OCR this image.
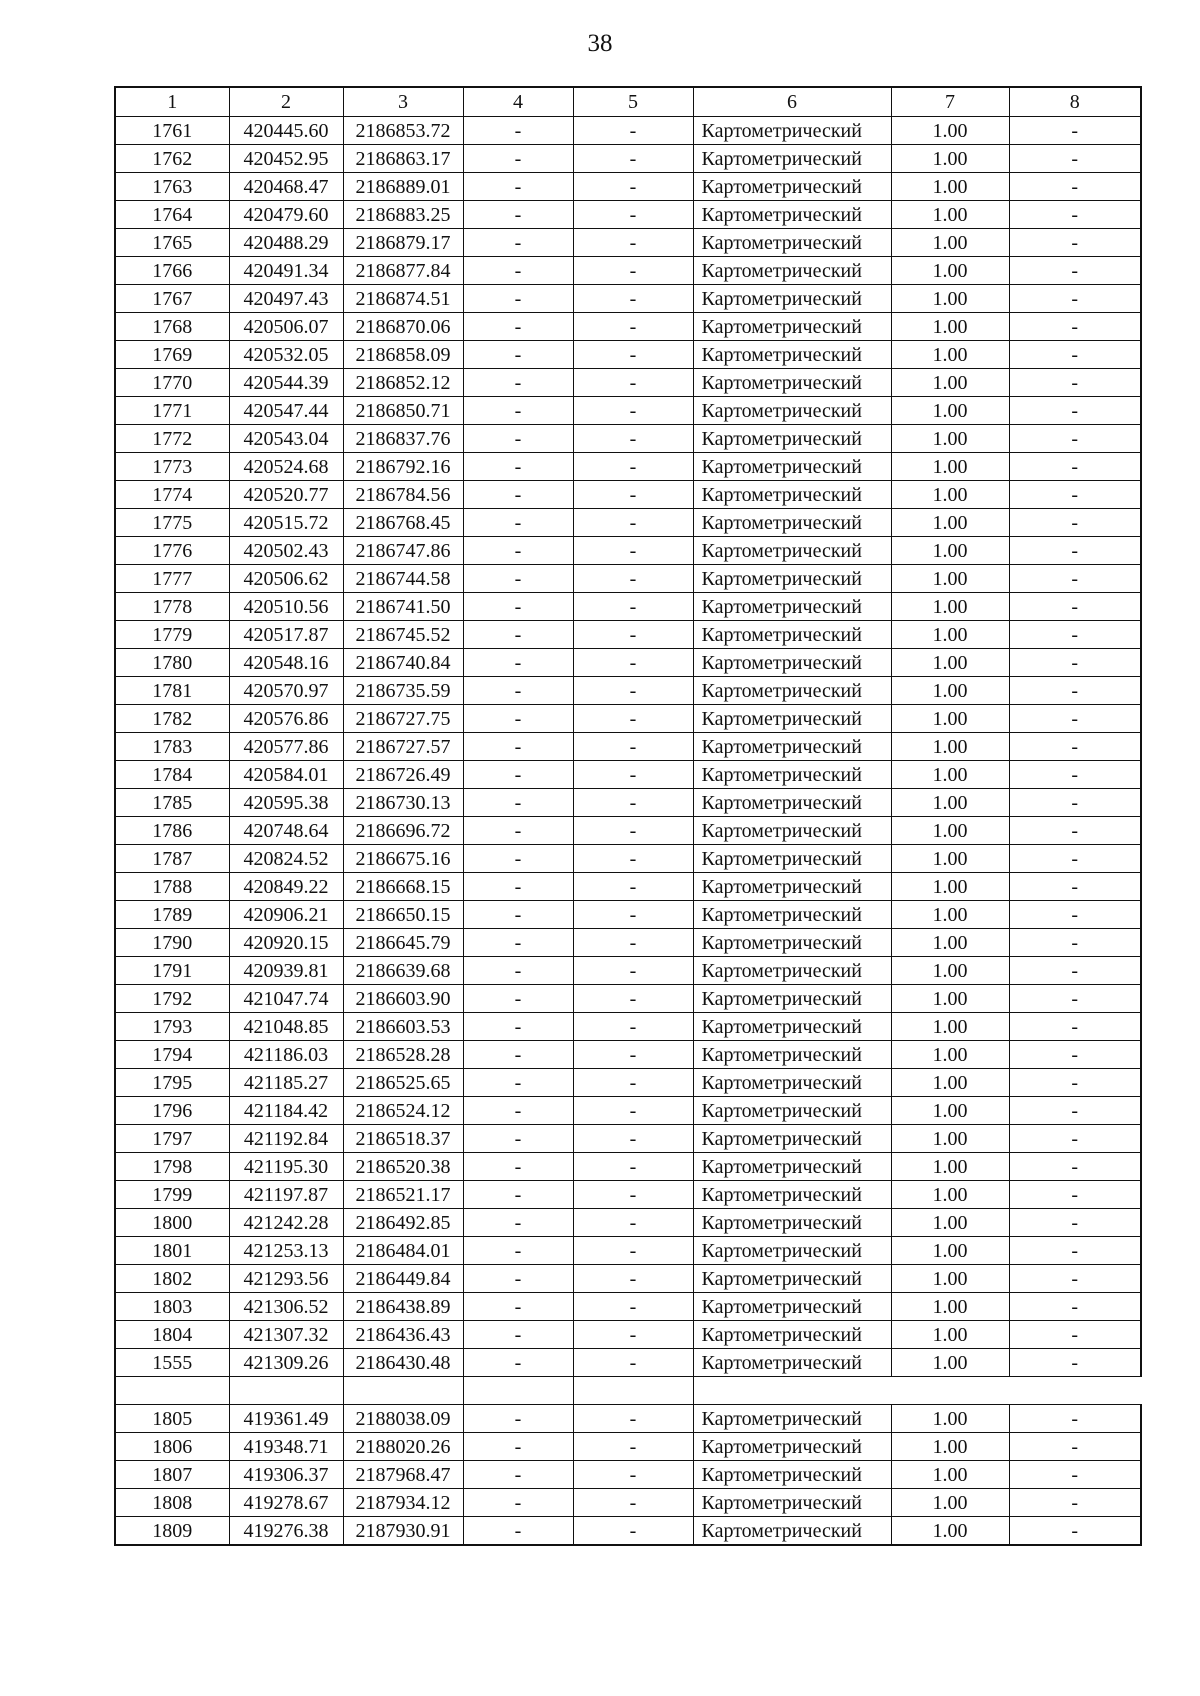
38
1	2	3	4	5	6	7	8
1761	420445.60	2186853.72	-	-	Картометрический	1.00	-
1762	420452.95	2186863.17	-	-	Картометрический	1.00	-
1763	420468.47	2186889.01	-	-	Картометрический	1.00	-
1764	420479.60	2186883.25	-	-	Картометрический	1.00	-
1765	420488.29	2186879.17	-	-	Картометрический	1.00	-
1766	420491.34	2186877.84	-	-	Картометрический	1.00	-
1767	420497.43	2186874.51	-	-	Картометрический	1.00	-
1768	420506.07	2186870.06	-	-	Картометрический	1.00	-
1769	420532.05	2186858.09	-	-	Картометрический	1.00	-
1770	420544.39	2186852.12	-	-	Картометрический	1.00	-
1771	420547.44	2186850.71	-	-	Картометрический	1.00	-
1772	420543.04	2186837.76	-	-	Картометрический	1.00	-
1773	420524.68	2186792.16	-	-	Картометрический	1.00	-
1774	420520.77	2186784.56	-	-	Картометрический	1.00	-
1775	420515.72	2186768.45	-	-	Картометрический	1.00	-
1776	420502.43	2186747.86	-	-	Картометрический	1.00	-
1777	420506.62	2186744.58	-	-	Картометрический	1.00	-
1778	420510.56	2186741.50	-	-	Картометрический	1.00	-
1779	420517.87	2186745.52	-	-	Картометрический	1.00	-
1780	420548.16	2186740.84	-	-	Картометрический	1.00	-
1781	420570.97	2186735.59	-	-	Картометрический	1.00	-
1782	420576.86	2186727.75	-	-	Картометрический	1.00	-
1783	420577.86	2186727.57	-	-	Картометрический	1.00	-
1784	420584.01	2186726.49	-	-	Картометрический	1.00	-
1785	420595.38	2186730.13	-	-	Картометрический	1.00	-
1786	420748.64	2186696.72	-	-	Картометрический	1.00	-
1787	420824.52	2186675.16	-	-	Картометрический	1.00	-
1788	420849.22	2186668.15	-	-	Картометрический	1.00	-
1789	420906.21	2186650.15	-	-	Картометрический	1.00	-
1790	420920.15	2186645.79	-	-	Картометрический	1.00	-
1791	420939.81	2186639.68	-	-	Картометрический	1.00	-
1792	421047.74	2186603.90	-	-	Картометрический	1.00	-
1793	421048.85	2186603.53	-	-	Картометрический	1.00	-
1794	421186.03	2186528.28	-	-	Картометрический	1.00	-
1795	421185.27	2186525.65	-	-	Картометрический	1.00	-
1796	421184.42	2186524.12	-	-	Картометрический	1.00	-
1797	421192.84	2186518.37	-	-	Картометрический	1.00	-
1798	421195.30	2186520.38	-	-	Картометрический	1.00	-
1799	421197.87	2186521.17	-	-	Картометрический	1.00	-
1800	421242.28	2186492.85	-	-	Картометрический	1.00	-
1801	421253.13	2186484.01	-	-	Картометрический	1.00	-
1802	421293.56	2186449.84	-	-	Картометрический	1.00	-
1803	421306.52	2186438.89	-	-	Картометрический	1.00	-
1804	421307.32	2186436.43	-	-	Картометрический	1.00	-
1555	421309.26	2186430.48	-	-	Картометрический	1.00	-

1805	419361.49	2188038.09	-	-	Картометрический	1.00	-
1806	419348.71	2188020.26	-	-	Картометрический	1.00	-
1807	419306.37	2187968.47	-	-	Картометрический	1.00	-
1808	419278.67	2187934.12	-	-	Картометрический	1.00	-
1809	419276.38	2187930.91	-	-	Картометрический	1.00	-
